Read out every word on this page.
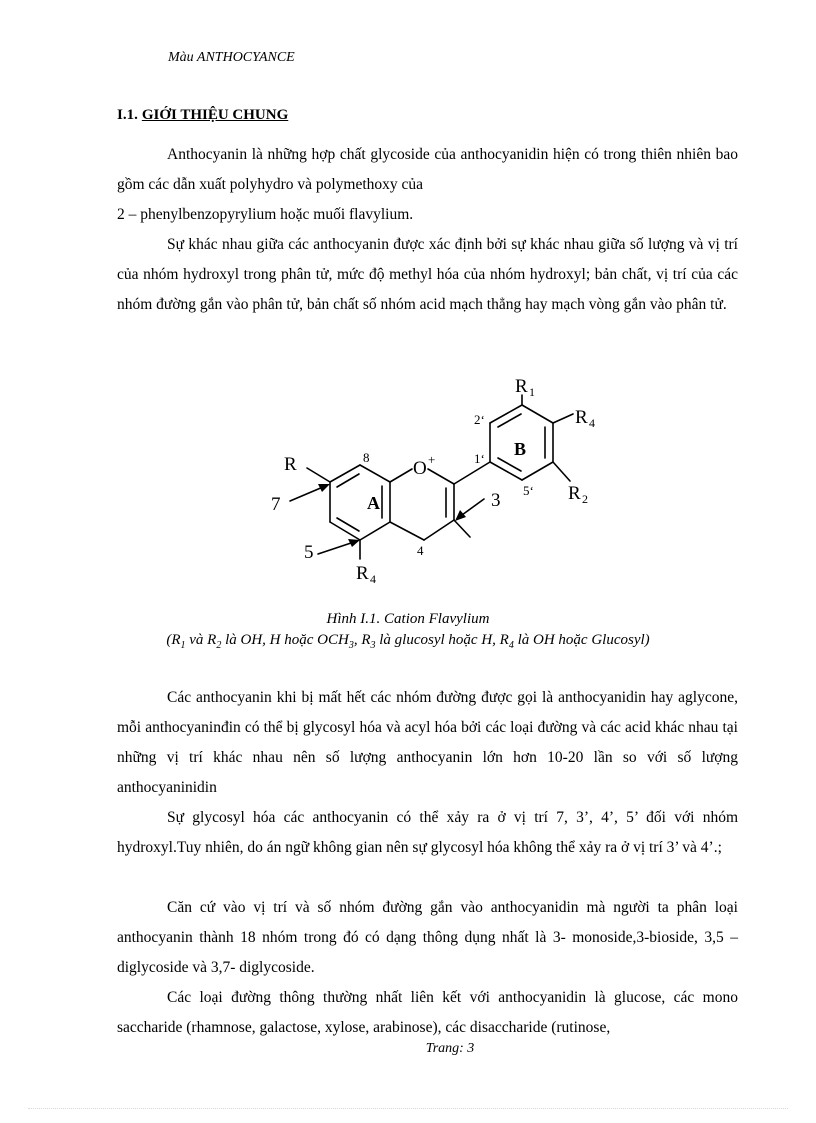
Màu ANTHOCYANCE
I.1. GIỚI THIỆU CHUNG

Anthocyanin là những hợp chất glycoside của anthocyanidin hiện có trong thiên nhiên bao gồm các dẫn xuất polyhydro và polymethoxy của

2 – phenylbenzopyrylium hoặc muối flavylium.

Sự khác nhau giữa các anthocyanin được xác định bởi sự khác nhau giữa số lượng và vị trí của nhóm hydroxyl trong phân tử, mức độ methyl hóa của nhóm hydroxyl; bản chất, vị trí của các nhóm đường gắn vào phân tử, bản chất số nhóm acid mạch thẳng hay mạch vòng gắn vào phân tử.

A
B
O +
8
7
5	4
3
1‘
2‘
5‘
R
R 1
R 4
R 2
R 4
Hình I.1. Cation Flavylium
($R_1$ và $R_2$ là OH, H hoặc $OCH_3$, $R_3$ là glucosyl hoặc H, $R_4$ là OH hoặc Glucosyl)

Các anthocyanin khi bị mất hết các nhóm đường được gọi là anthocyanidin hay aglycone, mỗi anthocyaninđin có thể bị glycosyl hóa và acyl hóa bởi các loại đường và các acid khác nhau tại những vị trí khác nhau nên số lượng anthocyanin lớn hơn 10-20 lần so với số lượng anthocyaninidin

Sự glycosyl hóa các anthocyanin có thể xảy ra ở vị trí 7, 3’, 4’, 5’ đối với nhóm hydroxyl.Tuy nhiên, do án ngữ không gian nên sự glycosyl hóa không thể xảy ra ở vị trí 3’ và 4’.;

Căn cứ vào vị trí và số nhóm đường gắn vào anthocyanidin mà người ta phân loại anthocyanin thành 18 nhóm trong đó có dạng thông dụng nhất là 3- monoside,3-bioside, 3,5 – diglycoside và 3,7- diglycoside.

Các loại đường thông thường nhất liên kết với anthocyanidin là glucose, các mono saccharide (rhamnose, galactose, xylose, arabinose), các disaccharide (rutinose,

Trang: 3
